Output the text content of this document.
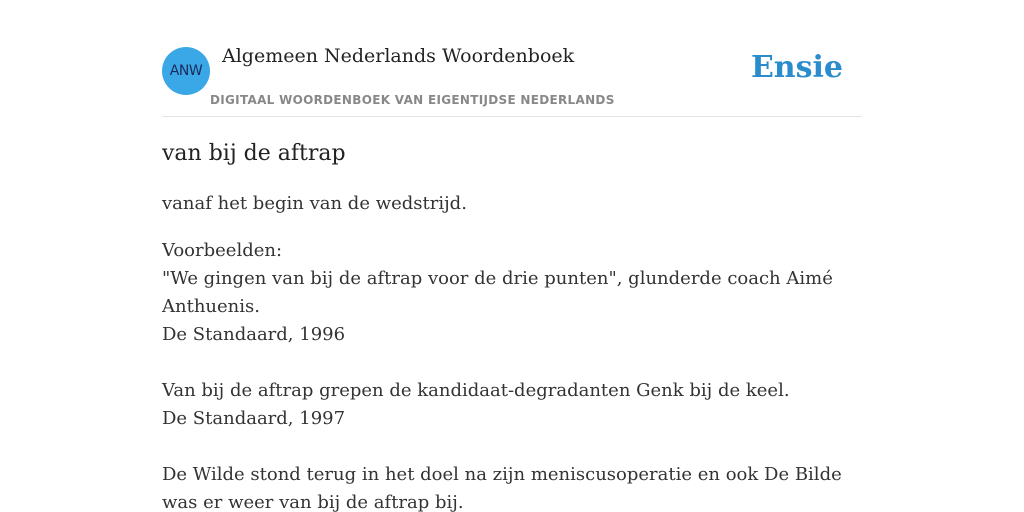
ANW
Algemeen Nederlands Woordenboek
DIGITAAL WOORDENBOEK VAN EIGENTIJDSE NEDERLANDS
Ensie
van bij de aftrap

vanaf het begin van de wedstrijd.

Voorbeelden:
"We gingen van bij de aftrap voor de drie punten", glunderde coach Aimé Anthuenis.
De Standaard, 1996
Van bij de aftrap grepen de kandidaat-degradanten Genk bij de keel.
De Standaard, 1997
De Wilde stond terug in het doel na zijn meniscusoperatie en ook De Bilde was er weer van bij de aftrap bij.
